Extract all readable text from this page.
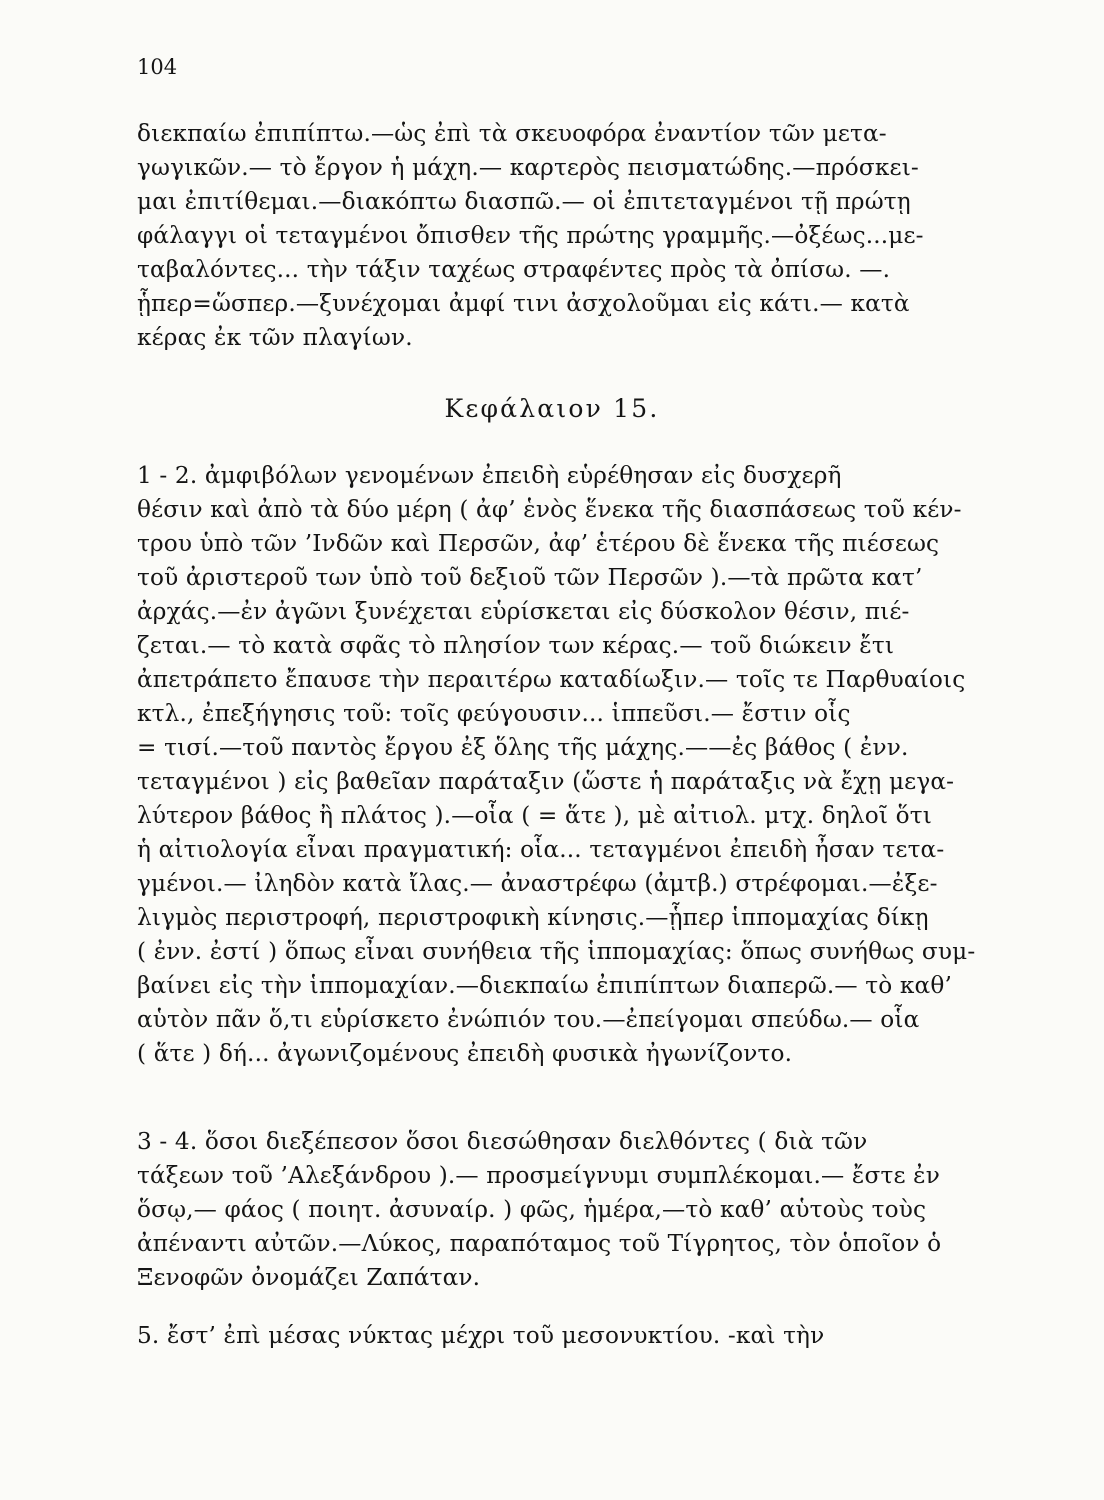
104
διεκπαίω ἐπιπίπτω.—ὡς ἐπὶ τὰ σκευοφόρα ἐναντίον τῶν μετα-
γωγικῶν.— τὸ ἔργον ἡ μάχη.— καρτερὸς πεισματώδης.—πρόσκει-
μαι ἐπιτίθεμαι.—διακόπτω διασπῶ.— οἱ ἐπιτεταγμένοι τῇ πρώτῃ
φάλαγγι οἱ τεταγμένοι ὄπισθεν τῆς πρώτης γραμμῆς.—ὀξέως...με-
ταβαλόντες... τὴν τάξιν ταχέως στραφέντες πρὸς τὰ ὀπίσω. —.
ᾗπερ=ὥσπερ.—ξυνέχομαι ἀμφί τινι ἀσχολοῦμαι εἰς κάτι.— κατὰ
κέρας ἐκ τῶν πλαγίων.
Κεφάλαιον 15.
1 - 2. ἀμφιβόλων γενομένων ἐπειδὴ εὑρέθησαν εἰς δυσχερῆ
θέσιν καὶ ἀπὸ τὰ δύο μέρη ( ἀφ’ ἑνὸς ἕνεκα τῆς διασπάσεως τοῦ κέν-
τρου ὑπὸ τῶν ’Ινδῶν καὶ Περσῶν, ἀφ’ ἑτέρου δὲ ἕνεκα τῆς πιέσεως
τοῦ ἀριστεροῦ των ὑπὸ τοῦ δεξιοῦ τῶν Περσῶν ).—τὰ πρῶτα κατ’
ἀρχάς.—ἐν ἀγῶνι ξυνέχεται εὑρίσκεται εἰς δύσκολον θέσιν, πιέ-
ζεται.— τὸ κατὰ σφᾶς τὸ πλησίον των κέρας.— τοῦ διώκειν ἔτι
ἀπετράπετο ἔπαυσε τὴν περαιτέρω καταδίωξιν.— τοῖς τε Παρθυαίοις
κτλ., ἐπεξήγησις τοῦ: τοῖς φεύγουσιν... ἱππεῦσι.— ἔστιν οἷς
= τισί.—τοῦ παντὸς ἔργου ἐξ ὅλης τῆς μάχης.——ἐς βάθος ( ἐνν.
τεταγμένοι ) εἰς βαθεῖαν παράταξιν (ὥστε ἡ παράταξις νὰ ἔχῃ μεγα-
λύτερον βάθος ἢ πλάτος ).—οἷα ( = ἅτε ), μὲ αἰτιολ. μτχ. δηλοῖ ὅτι
ἡ αἰτιολογία εἶναι πραγματική: οἷα... τεταγμένοι ἐπειδὴ ἦσαν τετα-
γμένοι.— ἰληδὸν κατὰ ἴλας.— ἀναστρέφω (ἀμτβ.) στρέφομαι.—ἐξε-
λιγμὸς περιστροφή, περιστροφικὴ κίνησις.—ᾗπερ ἱππομαχίας δίκῃ
( ἐνν. ἐστί ) ὅπως εἶναι συνήθεια τῆς ἱππομαχίας: ὅπως συνήθως συμ-
βαίνει εἰς τὴν ἱππομαχίαν.—διεκπαίω ἐπιπίπτων διαπερῶ.— τὸ καθ’
αὑτὸν πᾶν ὅ,τι εὑρίσκετο ἐνώπιόν του.—ἐπείγομαι σπεύδω.— οἷα
( ἅτε ) δή... ἀγωνιζομένους ἐπειδὴ φυσικὰ ἠγωνίζοντο.
3 - 4. ὅσοι διεξέπεσον ὅσοι διεσώθησαν διελθόντες ( διὰ τῶν
τάξεων τοῦ ’Αλεξάνδρου ).— προσμείγνυμι συμπλέκομαι.— ἔστε ἐν
ὅσῳ,— φάος ( ποιητ. ἀσυναίρ. ) φῶς, ἡμέρα,—τὸ καθ’ αὑτοὺς τοὺς
ἀπέναντι αὐτῶν.—Λύκος, παραπόταμος τοῦ Τίγρητος, τὸν ὁποῖον ὁ
Ξενοφῶν ὀνομάζει Ζαπάταν.
5. ἔστ’ ἐπὶ μέσας νύκτας μέχρι τοῦ μεσονυκτίου. -καὶ τὴν
